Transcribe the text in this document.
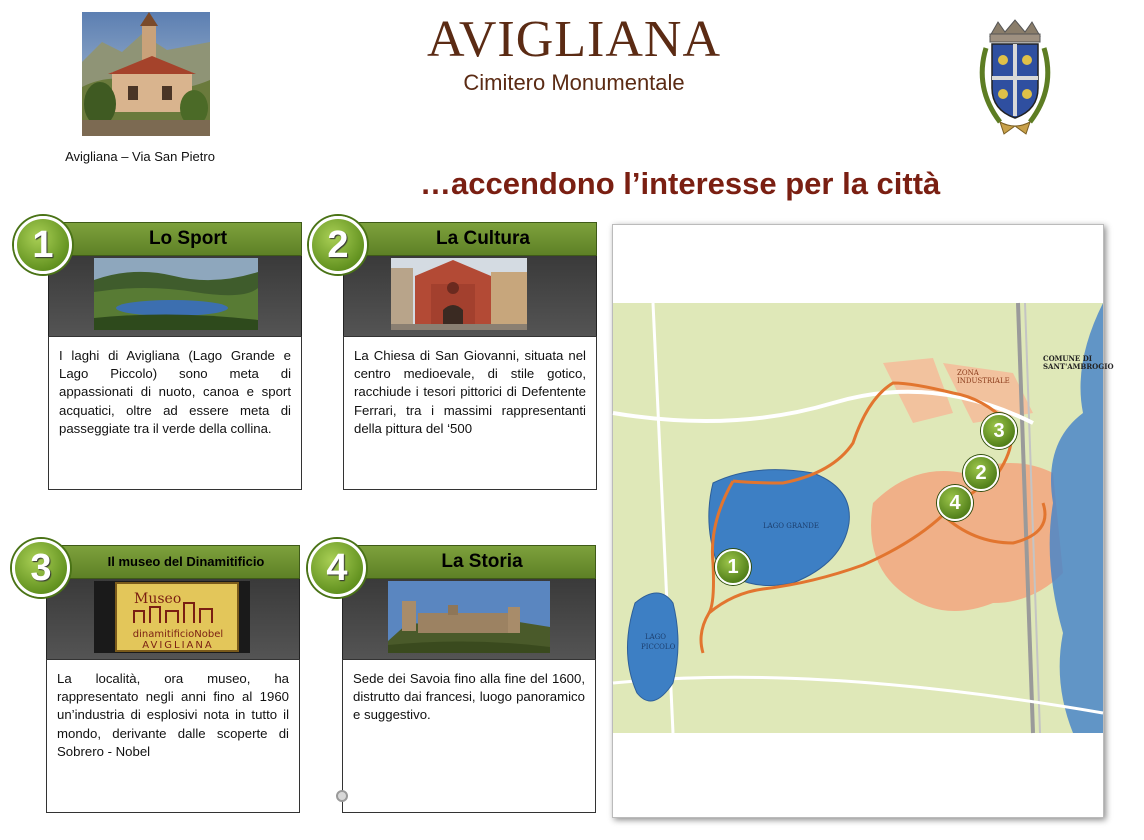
Avigliana – Via San Pietro
AVIGLIANA
Cimitero Monumentale
…accendono l’interesse per la città
1	Lo Sport
I laghi di Avigliana (Lago Grande e Lago Piccolo) sono meta di appassionati di nuoto, canoa e sport acquatici, oltre ad essere meta di passeggiate tra il verde della collina.
2	La Cultura
La Chiesa di San Giovanni, situata nel centro medioevale, di stile gotico, racchiude i tesori pittorici di Defentente Ferrari, tra i massimi rappresentanti della pittura del ‘500
3	Il museo del Dinamitificio
Museo
dinamitificioNobel
AVIGLIANA
La località, ora museo, ha rappresentato negli anni fino al 1960 un’industria di esplosivi nota in tutto il mondo, derivante dalle scoperte di Sobrero - Nobel
4	La Storia
Sede dei Savoia fino alla fine del 1600, distrutto dai francesi, luogo panoramico e suggestivo.
LAGO GRANDE
LAGO
PICCOLO
ZONA
INDUSTRIALE
COMUNE DI
SANT'AMBROGIO
1
2
3
4
